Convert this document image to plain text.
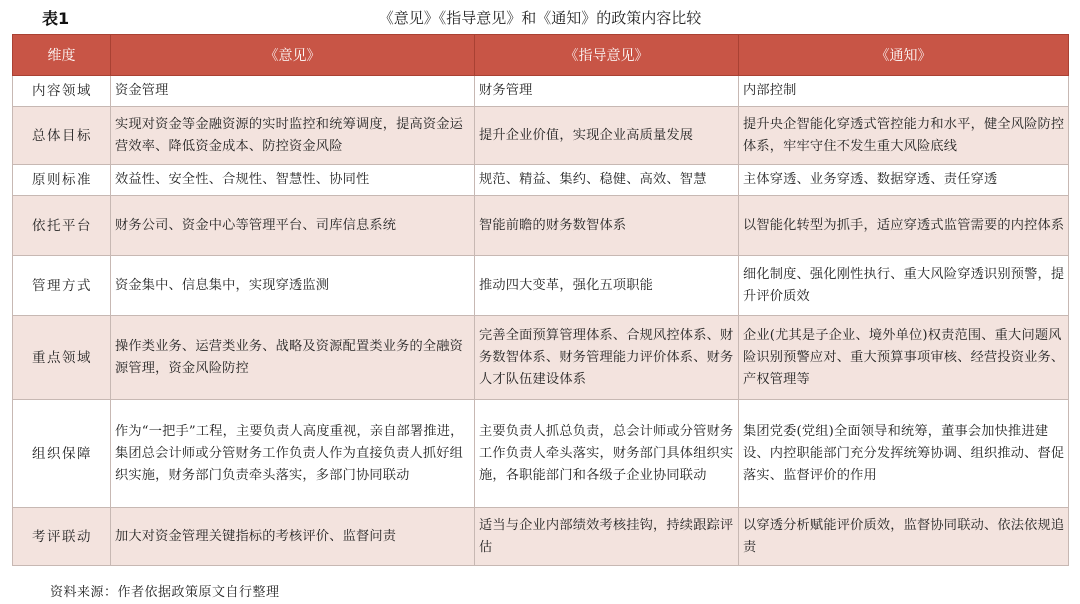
表1	《意见》《指导意见》和《通知》的政策内容比较
维度	《意见》	《指导意见》	《通知》
内容领域	资金管理	财务管理	内部控制
总体目标	实现对资金等金融资源的实时监控和统筹调度，提高资金运营效率、降低资金成本、防控资金风险	提升企业价值，实现企业高质量发展	提升央企智能化穿透式管控能力和水平，健全风险防控体系，牢牢守住不发生重大风险底线
原则标准	效益性、安全性、合规性、智慧性、协同性	规范、精益、集约、稳健、高效、智慧	主体穿透、业务穿透、数据穿透、责任穿透
依托平台	财务公司、资金中心等管理平台、司库信息系统	智能前瞻的财务数智体系	以智能化转型为抓手，适应穿透式监管需要的内控体系
管理方式	资金集中、信息集中，实现穿透监测	推动四大变革，强化五项职能	细化制度、强化刚性执行、重大风险穿透识别预警，提升评价质效
重点领域	操作类业务、运营类业务、战略及资源配置类业务的全融资源管理，资金风险防控	完善全面预算管理体系、合规风控体系、财务数智体系、财务管理能力评价体系、财务人才队伍建设体系	企业(尤其是子企业、境外单位)权责范围、重大问题风险识别预警应对、重大预算事项审核、经营投资业务、产权管理等
组织保障	作为“一把手”工程，主要负责人高度重视，亲自部署推进，集团总会计师或分管财务工作负责人作为直接负责人抓好组织实施，财务部门负责牵头落实，多部门协同联动	主要负责人抓总负责，总会计师或分管财务工作负责人牵头落实，财务部门具体组织实施，各职能部门和各级子企业协同联动	集团党委(党组)全面领导和统筹，董事会加快推进建设、内控职能部门充分发挥统筹协调、组织推动、督促落实、监督评价的作用
考评联动	加大对资金管理关键指标的考核评价、监督问责	适当与企业内部绩效考核挂钩，持续跟踪评估	以穿透分析赋能评价质效，监督协同联动、依法依规追责
资料来源：作者依据政策原文自行整理
